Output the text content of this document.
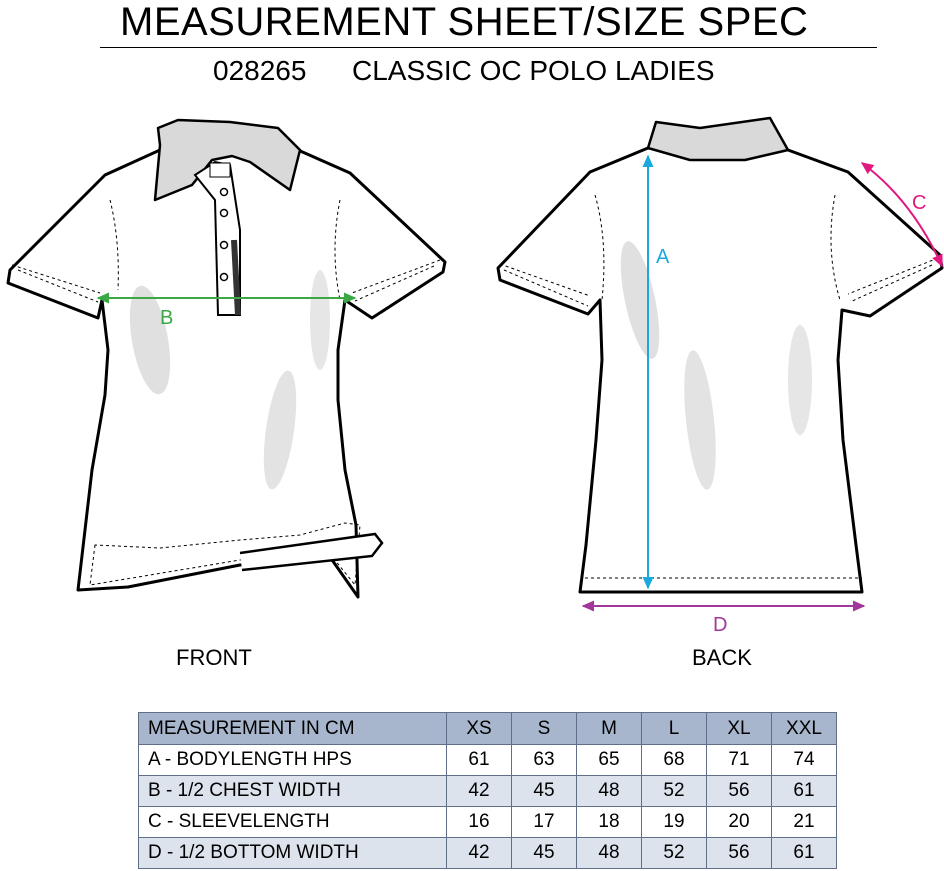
MEASUREMENT SHEET/SIZE SPEC
028265 CLASSIC OC POLO LADIES
A
B
C
D
FRONT	BACK
MEASUREMENT IN CM	XS	S	M	L	XL	XXL
A - BODYLENGTH HPS	61	63	65	68	71	74
B - 1/2 CHEST WIDTH	42	45	48	52	56	61
C - SLEEVELENGTH	16	17	18	19	20	21
D - 1/2 BOTTOM WIDTH	42	45	48	52	56	61
